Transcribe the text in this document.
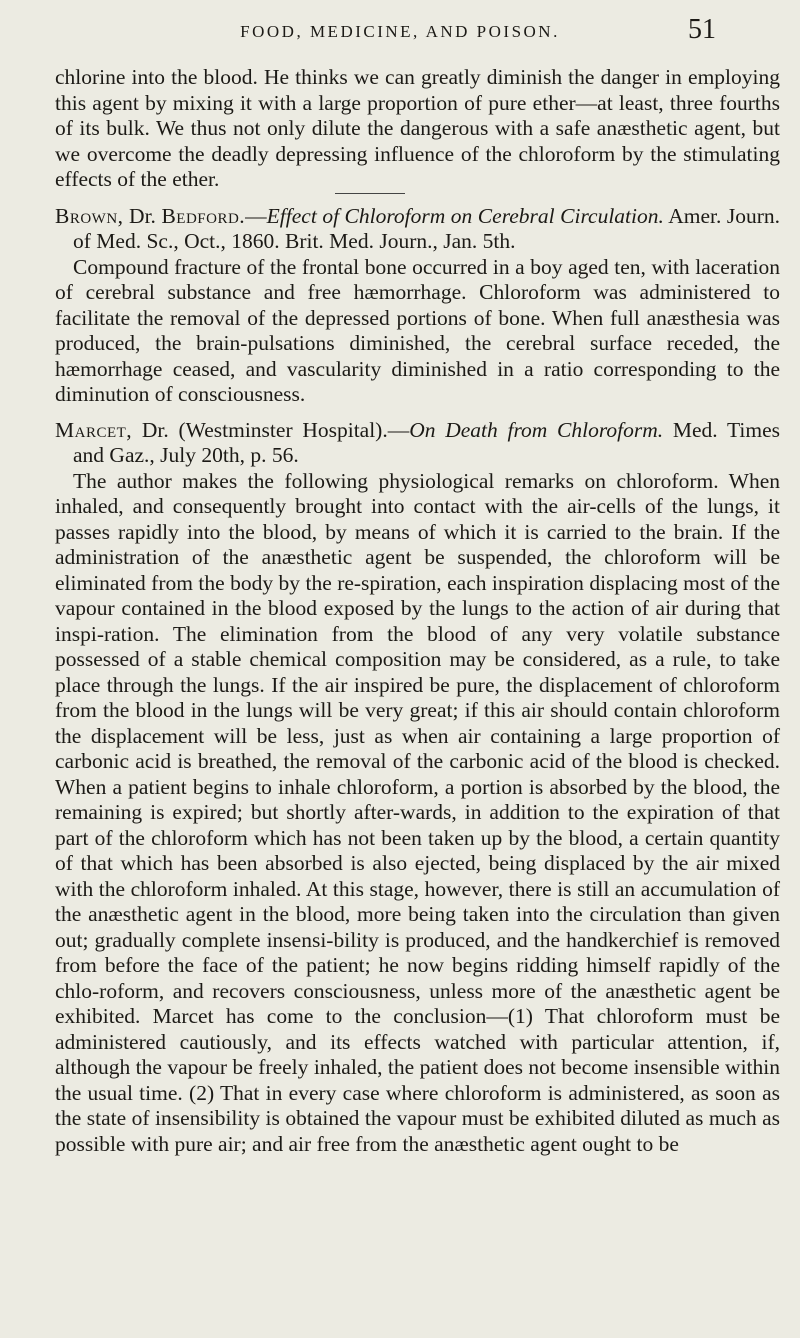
FOOD, MEDICINE, AND POISON.	51

chlorine into the blood. He thinks we can greatly diminish the danger in employing this agent by mixing it with a large proportion of pure ether—at least, three fourths of its bulk. We thus not only dilute the dangerous with a safe anæsthetic agent, but we overcome the deadly depressing influence of the chloroform by the stimulating effects of the ether.

Brown, Dr. Bedford.—Effect of Chloroform on Cerebral Circulation. Amer. Journ. of Med. Sc., Oct., 1860. Brit. Med. Journ., Jan. 5th.

Compound fracture of the frontal bone occurred in a boy aged ten, with laceration of cerebral substance and free hæmorrhage. Chloroform was administered to facilitate the removal of the depressed portions of bone. When full anæsthesia was produced, the brain-pulsations diminished, the cerebral surface receded, the hæmorrhage ceased, and vascularity diminished in a ratio corresponding to the diminution of consciousness.

Marcet, Dr. (Westminster Hospital).—On Death from Chloroform. Med. Times and Gaz., July 20th, p. 56.

The author makes the following physiological remarks on chloroform. When inhaled, and consequently brought into contact with the air-cells of the lungs, it passes rapidly into the blood, by means of which it is carried to the brain. If the administration of the anæsthetic agent be suspended, the chloroform will be eliminated from the body by the re-spiration, each inspiration displacing most of the vapour contained in the blood exposed by the lungs to the action of air during that inspi-ration. The elimination from the blood of any very volatile substance possessed of a stable chemical composition may be considered, as a rule, to take place through the lungs. If the air inspired be pure, the displacement of chloroform from the blood in the lungs will be very great; if this air should contain chloroform the displacement will be less, just as when air containing a large proportion of carbonic acid is breathed, the removal of the carbonic acid of the blood is checked. When a patient begins to inhale chloroform, a portion is absorbed by the blood, the remaining is expired; but shortly after-wards, in addition to the expiration of that part of the chloroform which has not been taken up by the blood, a certain quantity of that which has been absorbed is also ejected, being displaced by the air mixed with the chloroform inhaled. At this stage, however, there is still an accumulation of the anæsthetic agent in the blood, more being taken into the circulation than given out; gradually complete insensi-bility is produced, and the handkerchief is removed from before the face of the patient; he now begins ridding himself rapidly of the chlo-roform, and recovers consciousness, unless more of the anæsthetic agent be exhibited. Marcet has come to the conclusion—(1) That chloroform must be administered cautiously, and its effects watched with particular attention, if, although the vapour be freely inhaled, the patient does not become insensible within the usual time. (2) That in every case where chloroform is administered, as soon as the state of insensibility is obtained the vapour must be exhibited diluted as much as possible with pure air; and air free from the anæsthetic agent ought to be
